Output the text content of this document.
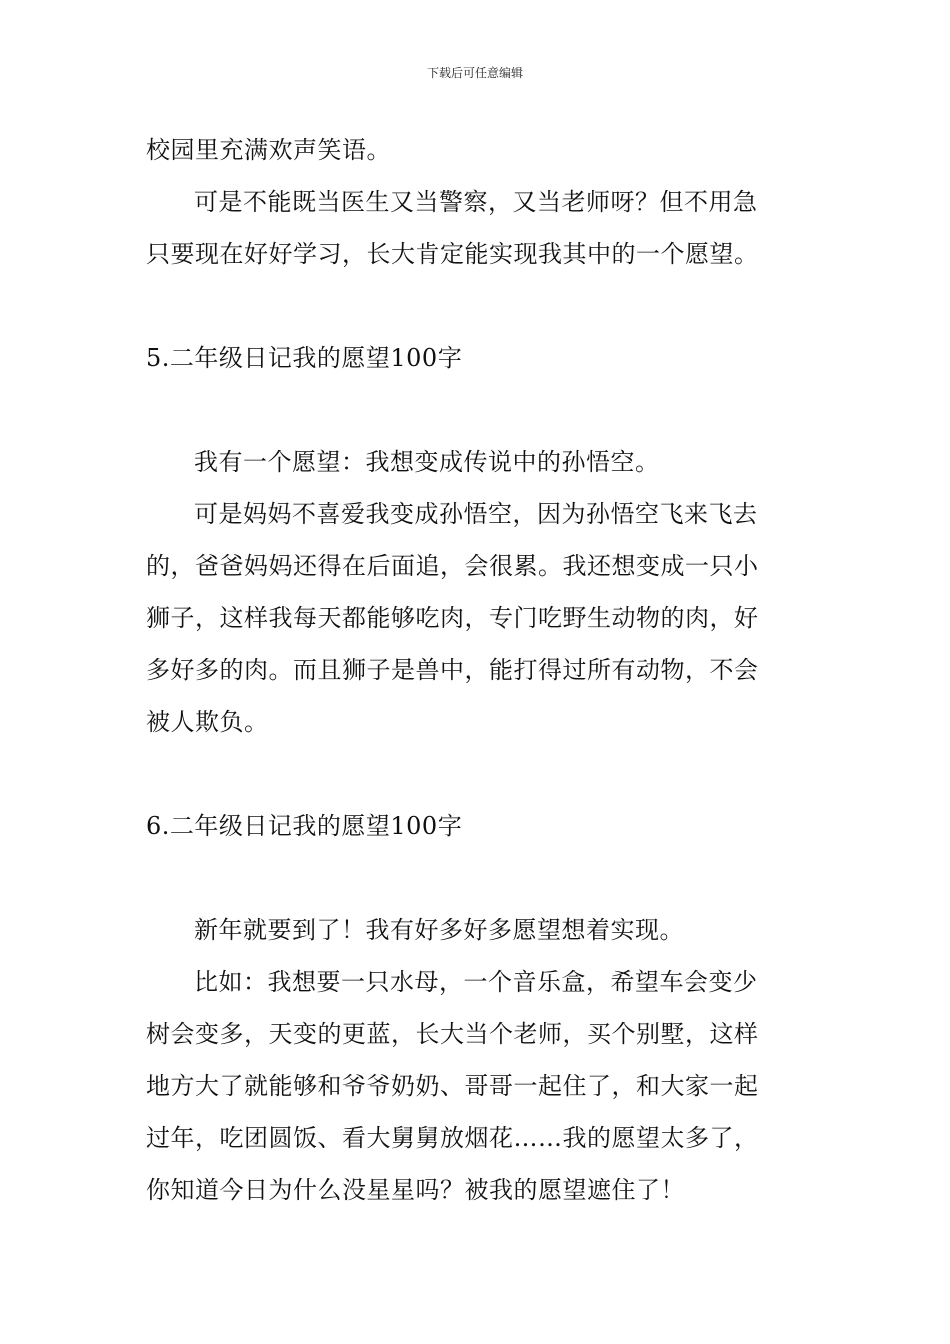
下载后可任意编辑
校园里充满欢声笑语。
可是不能既当医生又当警察，又当老师呀？但不用急
只要现在好好学习，长大肯定能实现我其中的一个愿望。
5.二年级日记我的愿望100字
我有一个愿望：我想变成传说中的孙悟空。
可是妈妈不喜爱我变成孙悟空，因为孙悟空飞来飞去
的，爸爸妈妈还得在后面追，会很累。我还想变成一只小
狮子，这样我每天都能够吃肉，专门吃野生动物的肉，好
多好多的肉。而且狮子是兽中，能打得过所有动物，不会
被人欺负。
6.二年级日记我的愿望100字
新年就要到了！我有好多好多愿望想着实现。
比如：我想要一只水母，一个音乐盒，希望车会变少
树会变多，天变的更蓝，长大当个老师，买个别墅，这样
地方大了就能够和爷爷奶奶、哥哥一起住了，和大家一起
过年，吃团圆饭、看大舅舅放烟花……我的愿望太多了，
你知道今日为什么没星星吗？被我的愿望遮住了！
